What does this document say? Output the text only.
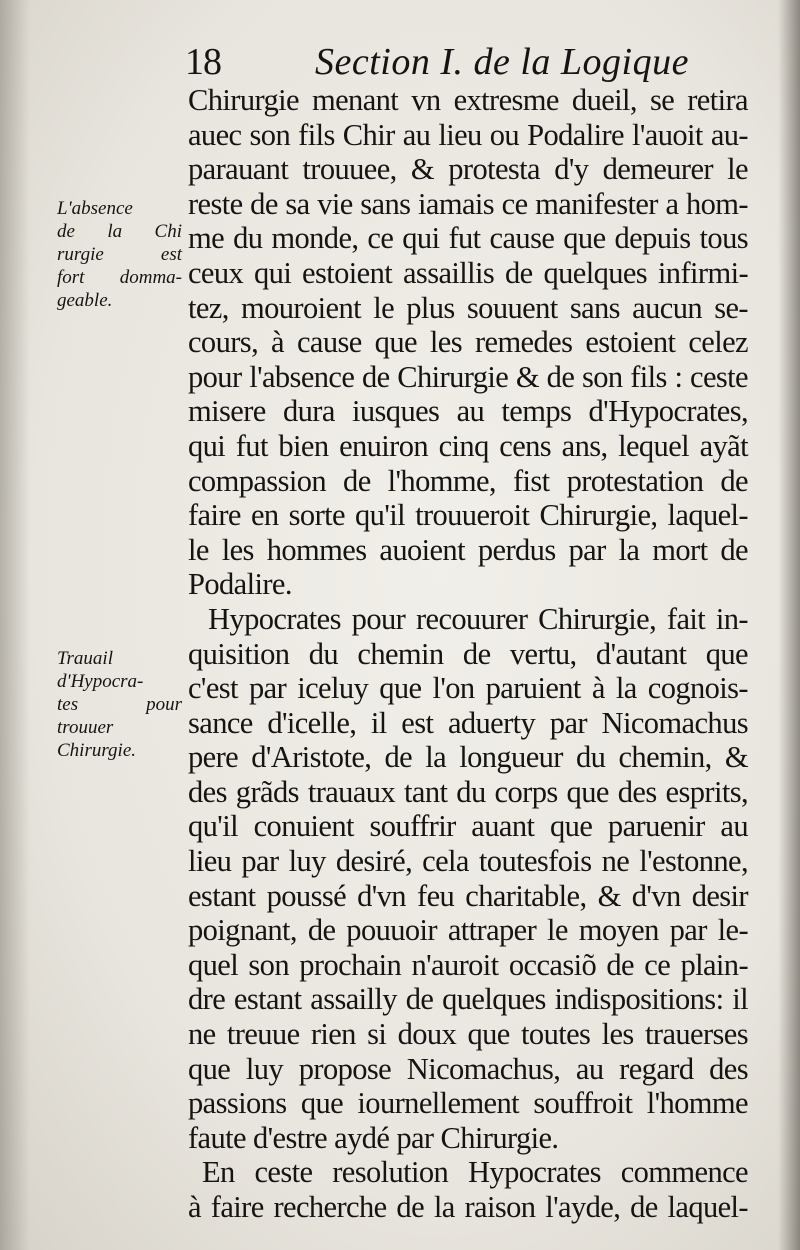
18 Section I. de la Logique
L'absence
de la Chi
rurgie est
fort domma-
geable.
Trauail
d'Hypocra-
tes pour
trouuer
Chirurgie.
Chirurgie menant vn extresme dueil, se retira
auec son fils Chir au lieu ou Podalire l'auoit au-
parauant trouuee, & protesta d'y demeurer le
reste de sa vie sans iamais ce manifester a hom-
me du monde, ce qui fut cause que depuis tous
ceux qui estoient assaillis de quelques infirmi-
tez, mouroient le plus souuent sans aucun se-
cours, à cause que les remedes estoient celez
pour l'absence de Chirurgie & de son fils : ceste
misere dura iusques au temps d'Hypocrates,
qui fut bien enuiron cinq cens ans, lequel ayãt
compassion de l'homme, fist protestation de
faire en sorte qu'il trouueroit Chirurgie, laquel-
le les hommes auoient perdus par la mort de
Podalire.
Hypocrates pour recouurer Chirurgie, fait in-
quisition du chemin de vertu, d'autant que
c'est par iceluy que l'on paruient à la cognois-
sance d'icelle, il est aduerty par Nicomachus
pere d'Aristote, de la longueur du chemin, &
des grãds trauaux tant du corps que des esprits,
qu'il conuient souffrir auant que paruenir au
lieu par luy desiré, cela toutesfois ne l'estonne,
estant poussé d'vn feu charitable, & d'vn desir
poignant, de pouuoir attraper le moyen par le-
quel son prochain n'auroit occasiõ de ce plain-
dre estant assailly de quelques indispositions: il
ne treuue rien si doux que toutes les trauerses
que luy propose Nicomachus, au regard des
passions que iournellement souffroit l'homme
faute d'estre aydé par Chirurgie.
En ceste resolution Hypocrates commence
à faire recherche de la raison l'ayde, de laquel-
